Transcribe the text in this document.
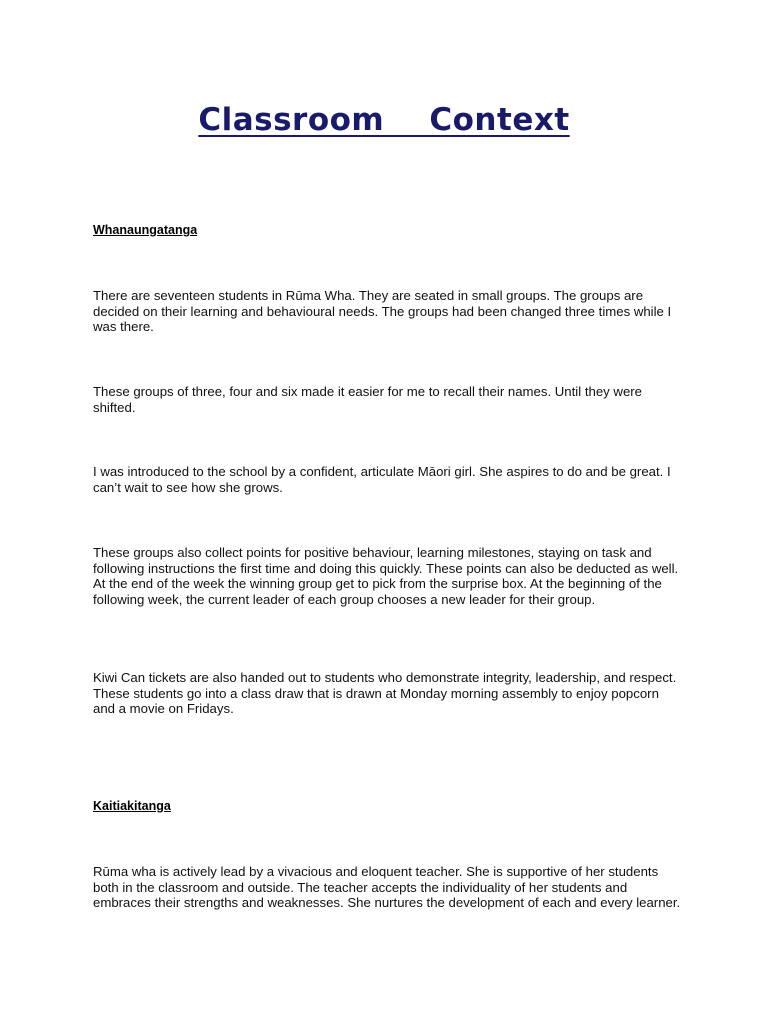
Classroom    Context
Whanaungatanga

There are seventeen students in Rūma Wha. They are seated in small groups. The groups are decided on their learning and behavioural needs. The groups had been changed three times while I was there.

These groups of three, four and six made it easier for me to recall their names. Until they were shifted.

I was introduced to the school by a confident, articulate Māori girl. She aspires to do and be great. I can’t wait to see how she grows.

These groups also collect points for positive behaviour, learning milestones, staying on task and following instructions the first time and doing this quickly. These points can also be deducted as well. At the end of the week the winning group get to pick from the surprise box. At the beginning of the following week, the current leader of each group chooses a new leader for their group.

Kiwi Can tickets are also handed out to students who demonstrate integrity, leadership, and respect. These students go into a class draw that is drawn at Monday morning assembly to enjoy popcorn and a movie on Fridays.

Kaitiakitanga

Rūma wha is actively lead by a vivacious and eloquent teacher. She is supportive of her students both in the classroom and outside. The teacher accepts the individuality of her students and embraces their strengths and weaknesses. She nurtures the development of each and every learner.
